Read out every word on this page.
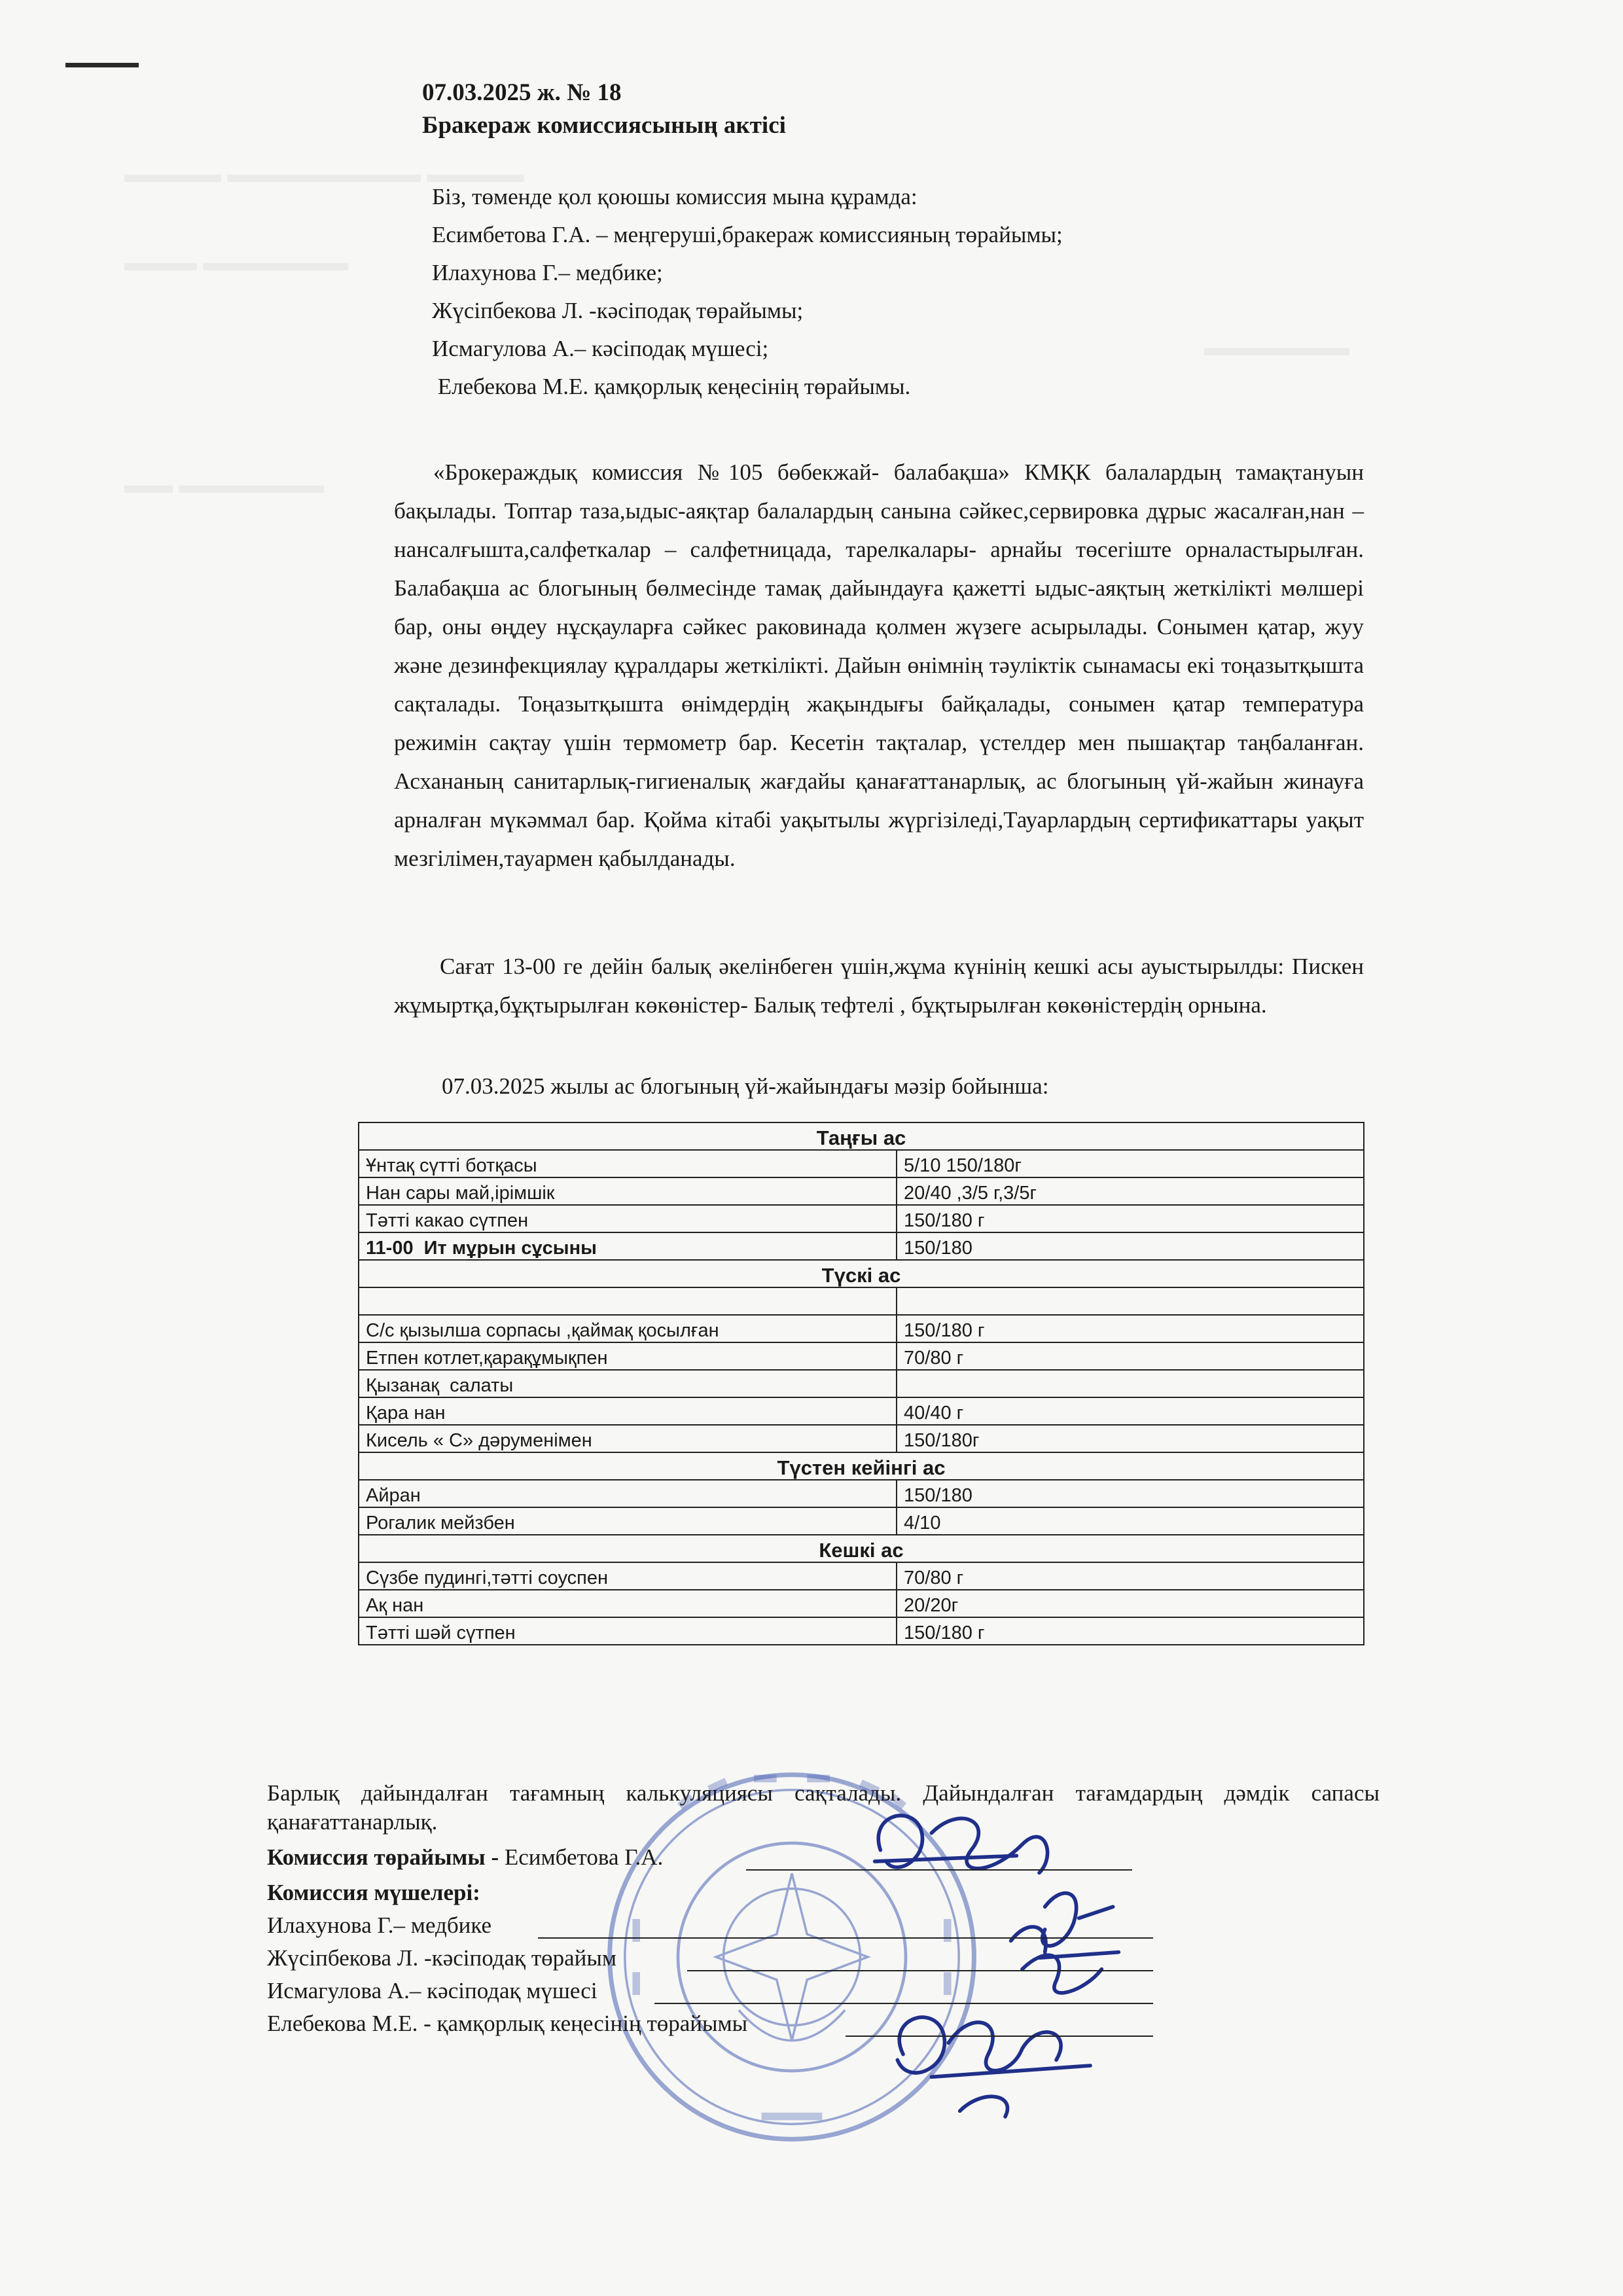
07.03.2025 ж. № 18
Бракераж комиссиясының актісі
Біз, төменде қол қоюшы комиссия мына құрамда:
Есимбетова Г.А. – меңгеруші,бракераж комиссияның төрайымы;
Илахунова Г.– медбике;
Жүсіпбекова Л. -кәсіподақ төрайымы;
Исмагулова А.– кәсіподақ мүшесі;
Елебекова М.Е. қамқорлық кеңесінің төрайымы.

«Брокераждық комиссия №105 бөбекжай- балабақша» КМҚК балалардың тамақтануын бақылады. Топтар таза,ыдыс-аяқтар балалардың санына сәйкес,сервировка дұрыс жасалған,нан –нансалғышта,салфеткалар – салфетницада, тарелкалары- арнайы төсегіште орналастырылған. Балабақша ас блогының бөлмесінде тамақ дайындауға қажетті ыдыс-аяқтың жеткілікті мөлшері бар, оны өңдеу нұсқауларға сәйкес раковинада қолмен жүзеге асырылады. Сонымен қатар, жуу және дезинфекциялау құралдары жеткілікті. Дайын өнімнің тәуліктік сынамасы екі тоңазытқышта сақталады. Тоңазытқышта өнімдердің жақындығы байқалады, сонымен қатар температура режимін сақтау үшін термометр бар. Кесетін тақталар, үстелдер мен пышақтар таңбаланған. Асхананың санитарлық-гигиеналық жағдайы қанағаттанарлық, ас блогының үй-жайын жинауға арналған мүкәммал бар. Қойма кітабі уақытылы жүргізіледі,Тауарлардың сертификаттары уақыт мезгілімен,тауармен қабылданады.

Сағат 13-00 ге дейін балық әкелінбеген үшін,жұма күнінің кешкі асы ауыстырылды: Пискен жұмыртқа,бұқтырылған көкөністер- Балық тефтелі , бұқтырылған көкөністердің орнына.

07.03.2025 жылы ас блогының үй-жайындағы мәзір бойынша:
Таңғы ас	
Ұнтақ сүтті ботқасы	5/10 150/180г
Нан сары май,ірімшік	20/40 ,3/5 г,3/5г
Тәтті какао сүтпен	150/180 г
11-00  Ит мұрын сұсыны	150/180
Түскі ас	

С/с қызылша сорпасы ,қаймақ қосылған	150/180 г
Етпен котлет,қарақұмықпен	70/80 г
Қызанақ  салаты	
Қара нан	40/40 г
Кисель « С» дәруменімен	150/180г
Түстен кейінгі ас	
Айран	150/180
Рогалик мейзбен	4/10
Кешкі ас	
Сүзбе пудингі,тәтті соуспен	70/80 г
Ақ нан	20/20г
Тәтті шәй сүтпен	150/180 г

Барлық дайындалған тағамның калькуляциясы сақталады. Дайындалған тағамдардың дәмдік сапасы қанағаттанарлық.

Комиссия төрайымы - Есимбетова Г.А.
Комиссия мүшелері:
Илахунова Г.– медбике
Жүсіпбекова Л. -кәсіподақ төрайым
Исмагулова А.– кәсіподақ мүшесі
Елебекова М.Е. - қамқорлық кеңесінің төрайымы
